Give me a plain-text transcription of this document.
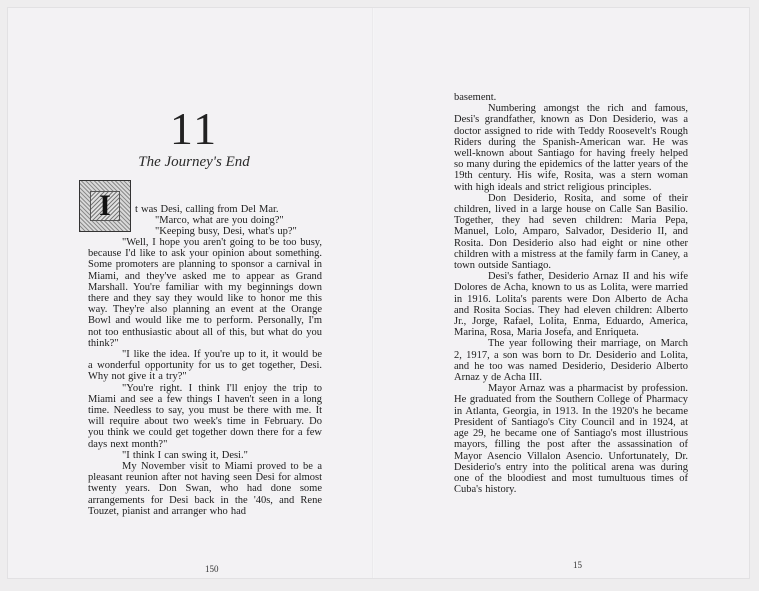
11
The Journey's End
I	t was Desi, calling from Del Mar.

"Marco, what are you doing?"

"Keeping busy, Desi, what's up?"

"Well, I hope you aren't going to be too busy, because I'd like to ask your opinion about something. Some promoters are planning to sponsor a carnival in Miami, and they've asked me to appear as Grand Marshall. You're familiar with my beginnings down there and they say they would like to honor me this way. They're also planning an event at the Orange Bowl and would like me to perform. Personally, I'm not too enthusiastic about all of this, but what do you think?"

"I like the idea. If you're up to it, it would be a wonderful opportunity for us to get together, Desi. Why not give it a try?"

"You're right. I think I'll enjoy the trip to Miami and see a few things I haven't seen in a long time. Needless to say, you must be there with me. It will require about two week's time in February. Do you think we could get together down there for a few days next month?"

"I think I can swing it, Desi."

My November visit to Miami proved to be a pleasant reunion after not having seen Desi for almost twenty years. Don Swan, who had done some arrangements for Desi back in the '40s, and Rene Touzet, pianist and arranger who had

150

basement.

Numbering amongst the rich and famous, Desi's grandfather, known as Don Desiderio, was a doctor assigned to ride with Teddy Roosevelt's Rough Riders during the Spanish-American war. He was well-known about Santiago for having freely helped so many during the epidemics of the latter years of the 19th century. His wife, Rosita, was a stern woman with high ideals and strict religious principles.

Don Desiderio, Rosita, and some of their children, lived in a large house on Calle San Basilio. Together, they had seven children: Maria Pepa, Manuel, Lolo, Amparo, Salvador, Desiderio II, and Rosita. Don Desiderio also had eight or nine other children with a mistress at the family farm in Caney, a town outside Santiago.

Desi's father, Desiderio Arnaz II and his wife Dolores de Acha, known to us as Lolita, were married in 1916. Lolita's parents were Don Alberto de Acha and Rosita Socias. They had eleven children: Alberto Jr., Jorge, Rafael, Lolita, Enma, Eduardo, America, Marina, Rosa, Maria Josefa, and Enriqueta.

The year following their marriage, on March 2, 1917, a son was born to Dr. Desiderio and Lolita, and he too was named Desiderio, Desiderio Alberto Arnaz y de Acha III.

Mayor Arnaz was a pharmacist by profession. He graduated from the Southern College of Pharmacy in Atlanta, Georgia, in 1913. In the 1920's he became President of Santiago's City Council and in 1924, at age 29, he became one of Santiago's most illustrious mayors, filling the post after the assassination of Mayor Asencio Villalon Asencio. Unfortunately, Dr. Desiderio's entry into the political arena was during one of the bloodiest and most tumultuous times of Cuba's history.

15
